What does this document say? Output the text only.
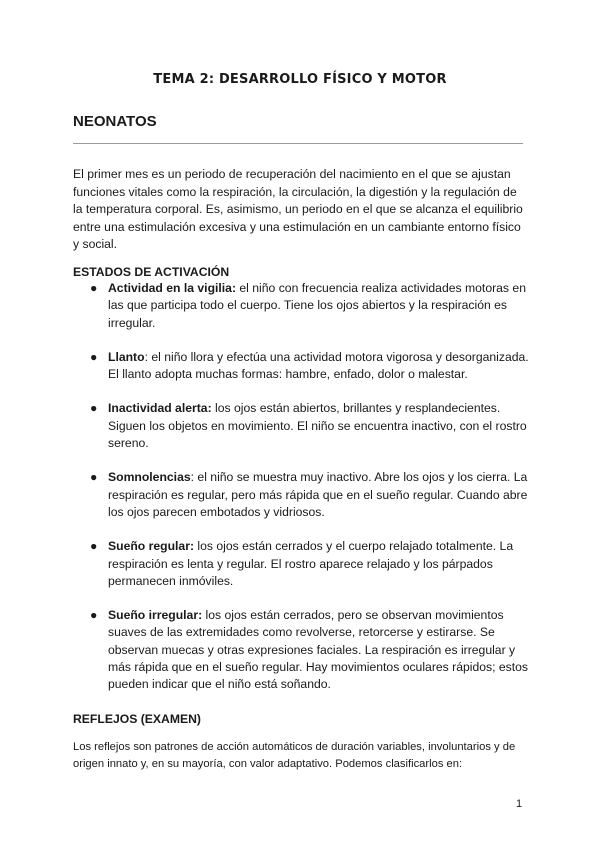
TEMA 2: DESARROLLO FÍSICO Y MOTOR
NEONATOS

El primer mes es un periodo de recuperación del nacimiento en el que se ajustan funciones vitales como la respiración, la circulación, la digestión y la regulación de la temperatura corporal. Es, asimismo, un periodo en el que se alcanza el equilibrio entre una estimulación excesiva y una estimulación en un cambiante entorno físico y social.

ESTADOS DE ACTIVACIÓN
● Actividad en la vigilia: el niño con frecuencia realiza actividades motoras en las que participa todo el cuerpo. Tiene los ojos abiertos y la respiración es irregular.
● Llanto: el niño llora y efectúa una actividad motora vigorosa y desorganizada. El llanto adopta muchas formas: hambre, enfado, dolor o malestar.
● Inactividad alerta: los ojos están abiertos, brillantes y resplandecientes. Siguen los objetos en movimiento. El niño se encuentra inactivo, con el rostro sereno.
● Somnolencias: el niño se muestra muy inactivo. Abre los ojos y los cierra. La respiración es regular, pero más rápida que en el sueño regular. Cuando abre los ojos parecen embotados y vidriosos.
● Sueño regular: los ojos están cerrados y el cuerpo relajado totalmente. La respiración es lenta y regular. El rostro aparece relajado y los párpados permanecen inmóviles.
● Sueño irregular: los ojos están cerrados, pero se observan movimientos suaves de las extremidades como revolverse, retorcerse y estirarse. Se observan muecas y otras expresiones faciales. La respiración es irregular y más rápida que en el sueño regular. Hay movimientos oculares rápidos; estos pueden indicar que el niño está soñando.
REFLEJOS (EXAMEN)

Los reflejos son patrones de acción automáticos de duración variables, involuntarios y de origen innato y, en su mayoría, con valor adaptativo. Podemos clasificarlos en:

1
